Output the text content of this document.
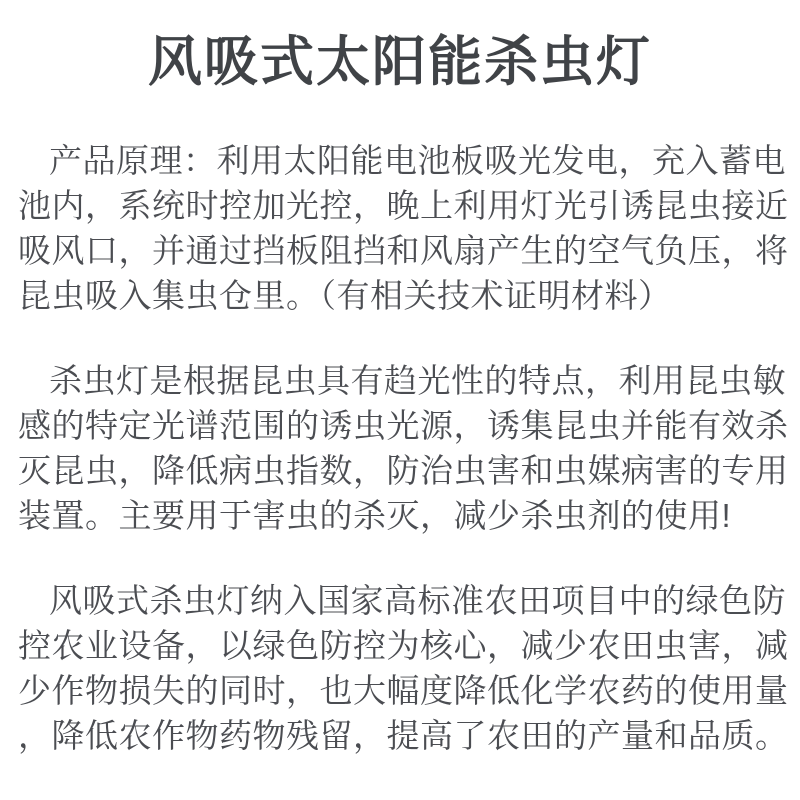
风吸式太阳能杀虫灯

产品原理：利用太阳能电池板吸光发电，充入蓄电
池内，系统时控加光控，晚上利用灯光引诱昆虫接近
吸风口，并通过挡板阻挡和风扇产生的空气负压，将
昆虫吸入集虫仓里。（有相关技术证明材料）

杀虫灯是根据昆虫具有趋光性的特点，利用昆虫敏
感的特定光谱范围的诱虫光源，诱集昆虫并能有效杀
灭昆虫，降低病虫指数，防治虫害和虫媒病害的专用
装置。主要用于害虫的杀灭，减少杀虫剂的使用!

风吸式杀虫灯纳入国家高标准农田项目中的绿色防
控农业设备，以绿色防控为核心，减少农田虫害，减
少作物损失的同时，也大幅度降低化学农药的使用量
，降低农作物药物残留，提高了农田的产量和品质。
